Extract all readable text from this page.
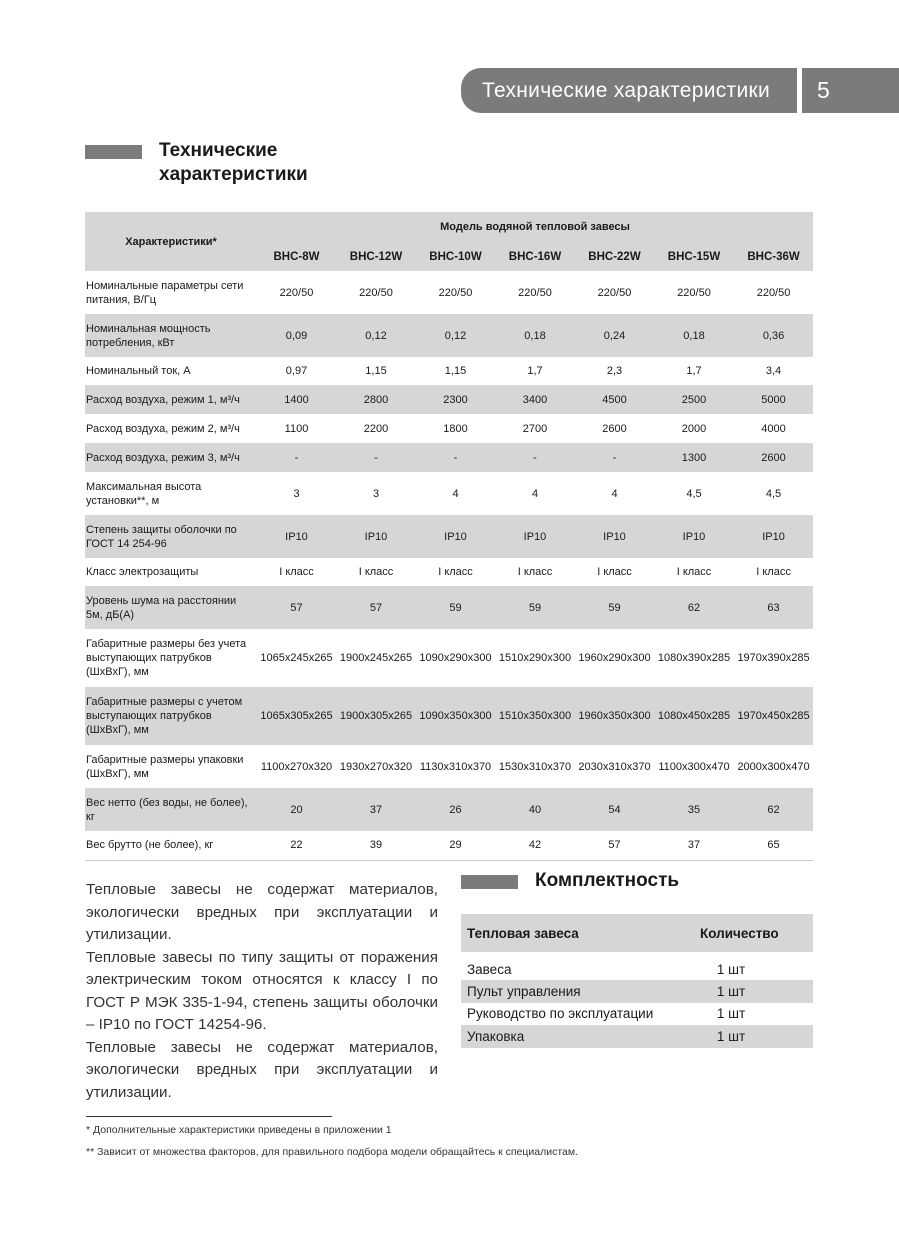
Технические характеристики	5
Технические
характеристики
Характеристики*	Модель водяной тепловой завесы						
	ВНС-8W	ВНС-12W	ВНС-10W	ВНС-16W	ВНС-22W	ВНС-15W	ВНС-36W
Номинальные параметры сети питания, В/Гц	220/50	220/50	220/50	220/50	220/50	220/50	220/50
Номинальная мощность потребления, кВт	0,09	0,12	0,12	0,18	0,24	0,18	0,36
Номинальный ток, А	0,97	1,15	1,15	1,7	2,3	1,7	3,4
Расход воздуха, режим 1, м³/ч	1400	2800	2300	3400	4500	2500	5000
Расход воздуха, режим 2, м³/ч	1100	2200	1800	2700	2600	2000	4000
Расход воздуха, режим 3, м³/ч	-	-	-	-	-	1300	2600
Максимальная высота установки**, м	3	3	4	4	4	4,5	4,5
Степень защиты оболочки по ГОСТ 14 254-96	IP10	IP10	IP10	IP10	IP10	IP10	IP10
Класс электрозащиты	I класс	I класс	I класс	I класс	I класс	I класс	I класс
Уровень шума на расстоянии 5м, дБ(А)	57	57	59	59	59	62	63
Габаритные размеры без учета выступающих патрубков (ШхВхГ), мм	1065x245x265	1900x245x265	1090x290x300	1510x290x300	1960x290x300	1080x390x285	1970x390x285
Габаритные размеры с учетом выступающих патрубков (ШхВхГ), мм	1065x305x265	1900x305x265	1090x350x300	1510x350x300	1960x350x300	1080x450x285	1970x450x285
Габаритные размеры упаковки (ШхВхГ), мм	1100x270x320	1930x270x320	1130x310x370	1530x310x370	2030x310x370	1100x300x470	2000x300x470
Вес нетто (без воды, не более), кг	20	37	26	40	54	35	62
Вес брутто (не более), кг	22	39	29	42	57	37	65

Тепловые завесы не содержат материалов, экологически вредных при эксплуатации и утилизации.

Тепловые завесы по типу защиты от поражения электрическим током относятся к классу I по ГОСТ Р МЭК 335-1-94, степень защиты оболочки – IP10 по ГОСТ 14254-96.

Тепловые завесы не содержат материалов, экологически вредных при эксплуатации и утилизации.

Комплектность
Тепловая завеса	Количество
Завеса	1 шт
Пульт управления	1 шт
Руководство по эксплуатации	1 шт
Упаковка	1 шт
* Дополнительные характеристики приведены в приложении 1
** Зависит от множества факторов, для правильного подбора модели обращайтесь к специалистам.
